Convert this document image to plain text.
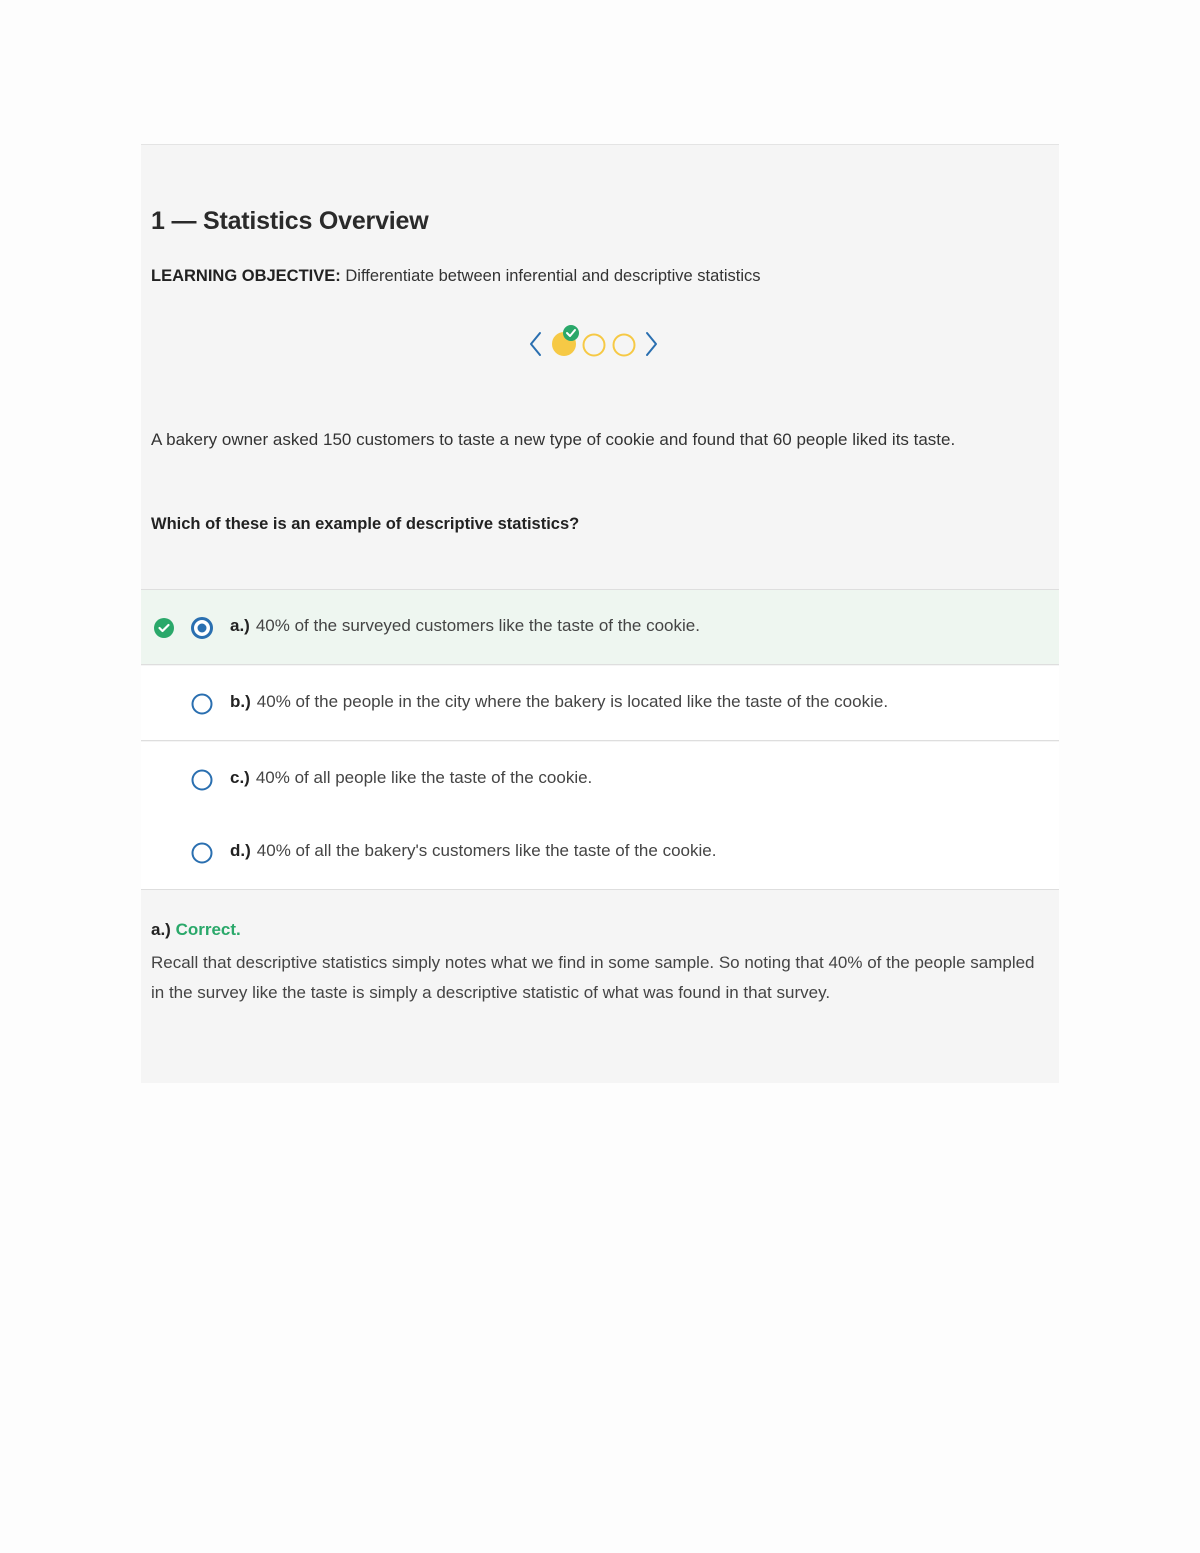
1 — Statistics Overview
LEARNING OBJECTIVE: Differentiate between inferential and descriptive statistics
A bakery owner asked 150 customers to taste a new type of cookie and found that 60 people liked its taste.
Which of these is an example of descriptive statistics?
a.) 40% of the surveyed customers like the taste of the cookie.
b.) 40% of the people in the city where the bakery is located like the taste of the cookie.
c.) 40% of all people like the taste of the cookie.
d.) 40% of all the bakery's customers like the taste of the cookie.
a.) Correct.
Recall that descriptive statistics simply notes what we find in some sample. So noting that 40% of the people sampled in the survey like the taste is simply a descriptive statistic of what was found in that survey.
